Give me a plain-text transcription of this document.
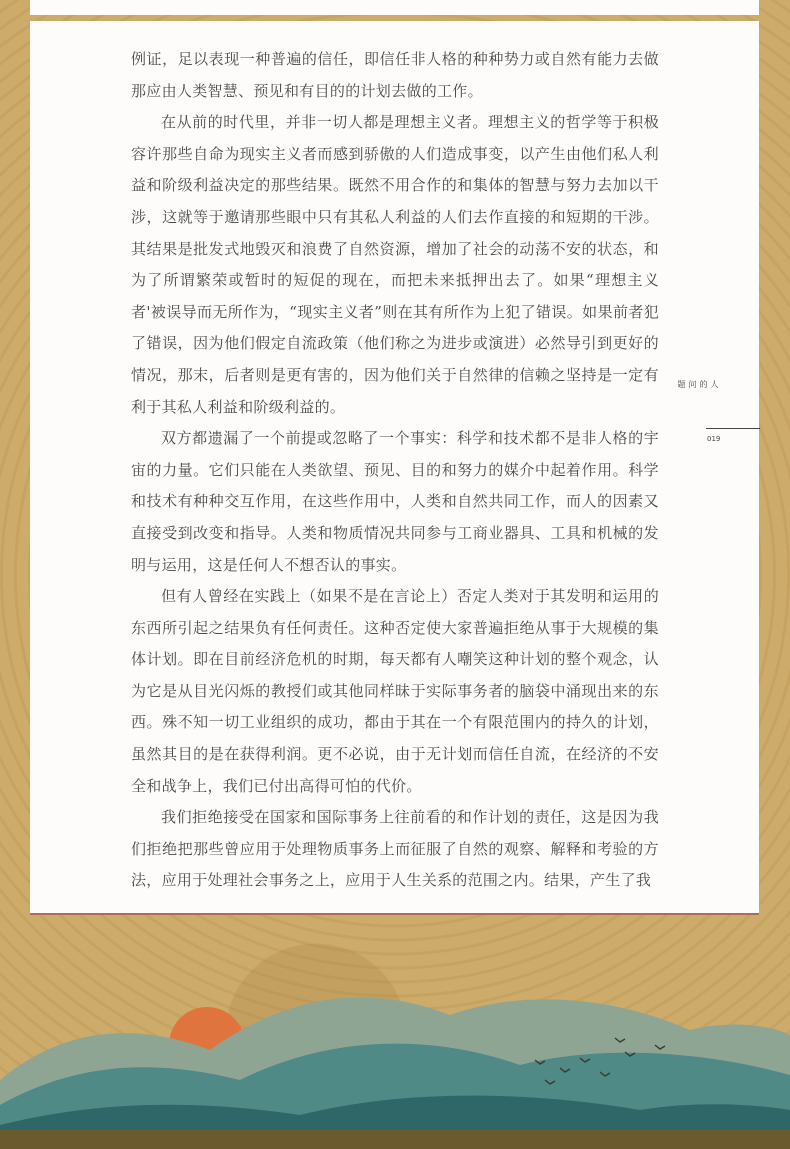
例证，足以表现一种普遍的信任，即信任非人格的种种势力或自然有能力去做那应由人类智慧、预见和有目的的计划去做的工作。

在从前的时代里，并非一切人都是理想主义者。理想主义的哲学等于积极容许那些自命为现实主义者而感到骄傲的人们造成事变，以产生由他们私人利益和阶级利益决定的那些结果。既然不用合作的和集体的智慧与努力去加以干涉，这就等于邀请那些眼中只有其私人利益的人们去作直接的和短期的干涉。其结果是批发式地毁灭和浪费了自然资源，增加了社会的动荡不安的状态，和为了所谓繁荣或暂时的短促的现在，而把未来抵押出去了。如果“理想主义者'被误导而无所作为，“现实主义者”则在其有所作为上犯了错误。如果前者犯了错误，因为他们假定自流政策（他们称之为进步或演进）必然导引到更好的情况，那末，后者则是更有害的，因为他们关于自然律的信赖之坚持是一定有利于其私人利益和阶级利益的。

双方都遗漏了一个前提或忽略了一个事实：科学和技术都不是非人格的宇宙的力量。它们只能在人类欲望、预见、目的和努力的媒介中起着作用。科学和技术有种种交互作用，在这些作用中，人类和自然共同工作，而人的因素又直接受到改变和指导。人类和物质情况共同参与工商业器具、工具和机械的发明与运用，这是任何人不想否认的事实。

但有人曾经在实践上（如果不是在言论上）否定人类对于其发明和运用的东西所引起之结果负有任何责任。这种否定使大家普遍拒绝从事于大规模的集体计划。即在目前经济危机的时期，每天都有人嘲笑这种计划的整个观念，认为它是从目光闪烁的教授们或其他同样昧于实际事务者的脑袋中涌现出来的东西。殊不知一切工业组织的成功，都由于其在一个有限范围内的持久的计划，虽然其目的是在获得利润。更不必说，由于无计划而信任自流，在经济的不安全和战争上，我们已付出高得可怕的代价。

我们拒绝接受在国家和国际事务上往前看的和作计划的责任，这是因为我们拒绝把那些曾应用于处理物质事务上而征服了自然的观察、解释和考验的方法，应用于处理社会事务之上，应用于人生关系的范围之内。结果，产生了我

人的问题
019
